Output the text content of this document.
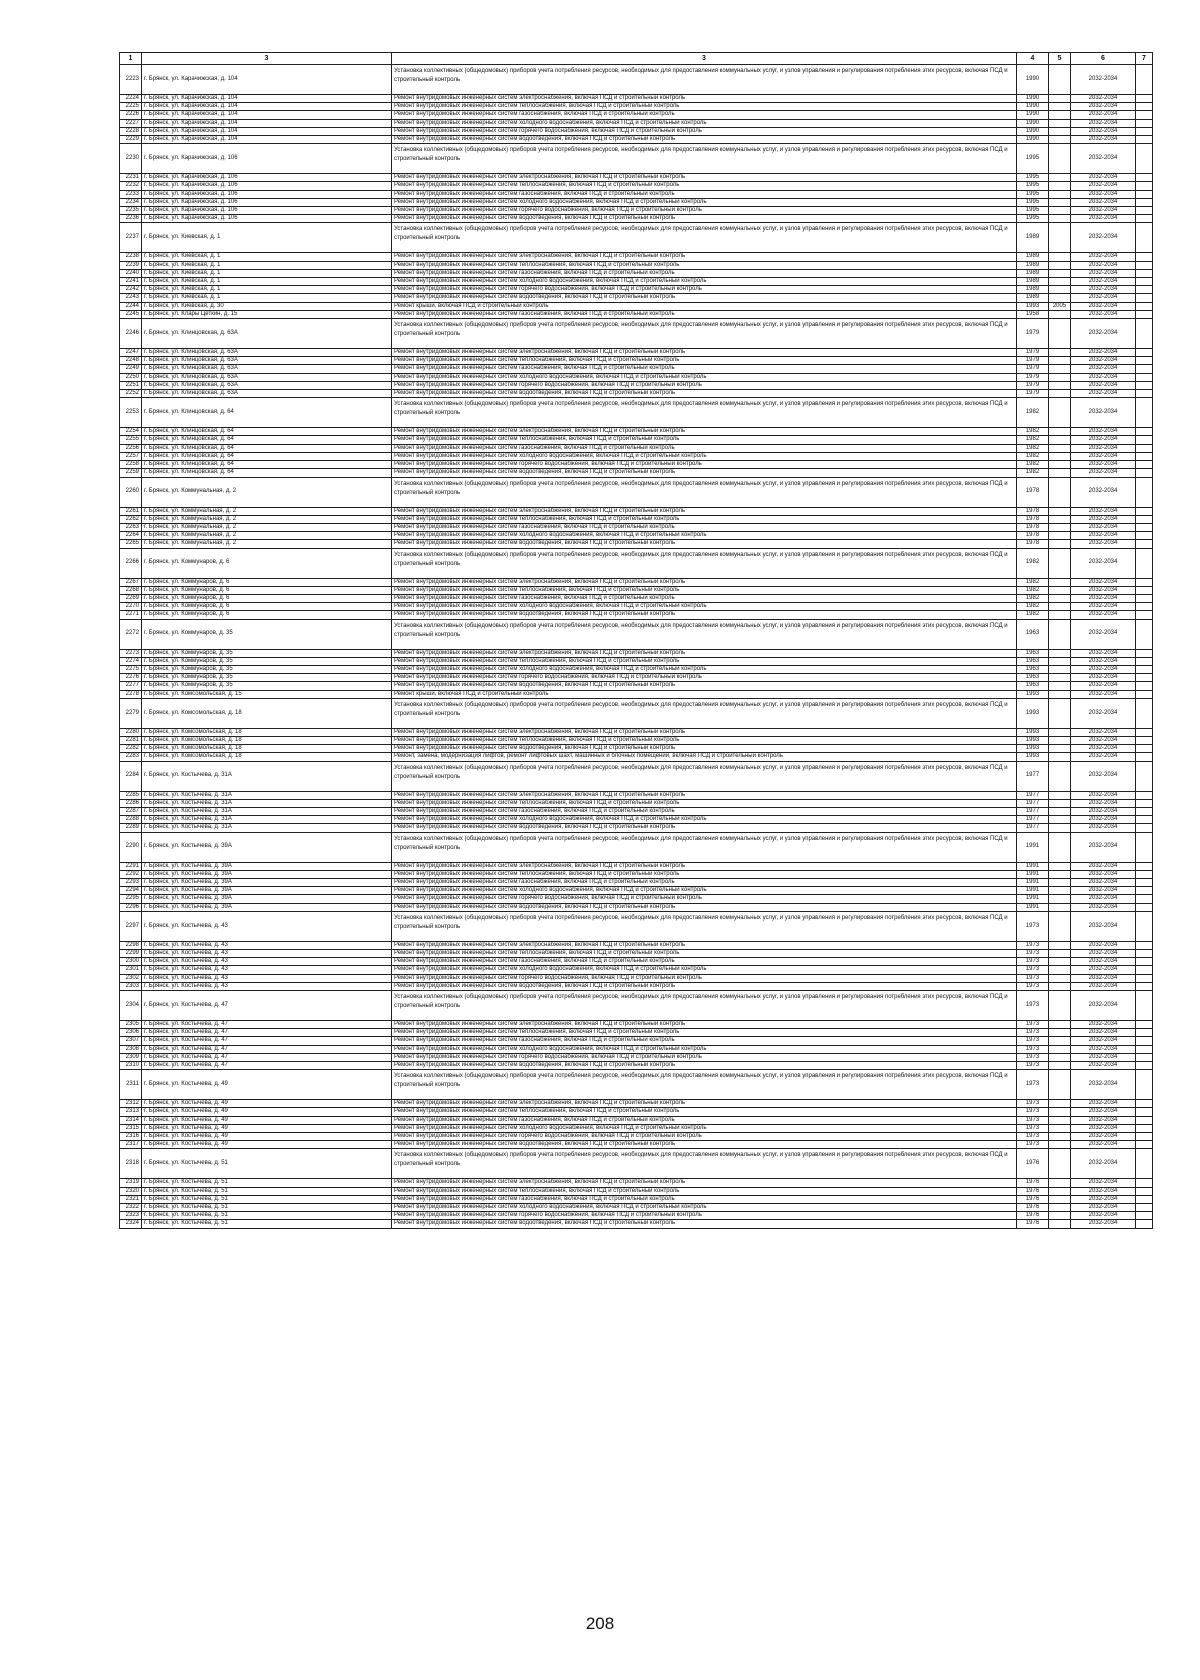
1	3	3	4	5	6	7
2223	г. Брянск, ул. Карачижская, д. 104	Установка коллективных (общедомовых) приборов учета потребления ресурсов, необходимых для предоставления коммунальных услуг, и узлов управления и регулирования потребления этих ресурсов, включая ПСД и строительный контроль	1990		2032-2034	
2224	г. Брянск, ул. Карачижская, д. 104	Ремонт внутридомовых инженерных систем электроснабжения, включая ПСД и строительный контроль	1990		2032-2034	
2225	г. Брянск, ул. Карачижская, д. 104	Ремонт внутридомовых инженерных систем теплоснабжения, включая ПСД и строительный контроль	1990		2032-2034	
2226	г. Брянск, ул. Карачижская, д. 104	Ремонт внутридомовых инженерных систем газоснабжения, включая ПСД и строительный контроль	1990		2032-2034	
2227	г. Брянск, ул. Карачижская, д. 104	Ремонт внутридомовых инженерных систем холодного водоснабжения, включая ПСД и строительный контроль	1990		2032-2034	
2228	г. Брянск, ул. Карачижская, д. 104	Ремонт внутридомовых инженерных систем горячего водоснабжения, включая ПСД и строительный контроль	1990		2032-2034	
2229	г. Брянск, ул. Карачижская, д. 104	Ремонт внутридомовых инженерных систем водоотведения, включая ПСД и строительный контроль	1990		2032-2034	
2230	г. Брянск, ул. Карачижская, д. 106	Установка коллективных (общедомовых) приборов учета потребления ресурсов, необходимых для предоставления коммунальных услуг, и узлов управления и регулирования потребления этих ресурсов, включая ПСД и строительный контроль	1995		2032-2034	
2231	г. Брянск, ул. Карачижская, д. 106	Ремонт внутридомовых инженерных систем электроснабжения, включая ПСД и строительный контроль	1995		2032-2034	
2232	г. Брянск, ул. Карачижская, д. 106	Ремонт внутридомовых инженерных систем теплоснабжения, включая ПСД и строительный контроль	1995		2032-2034	
2233	г. Брянск, ул. Карачижская, д. 106	Ремонт внутридомовых инженерных систем газоснабжения, включая ПСД и строительный контроль	1995		2032-2034	
2234	г. Брянск, ул. Карачижская, д. 106	Ремонт внутридомовых инженерных систем холодного водоснабжения, включая ПСД и строительный контроль	1995		2032-2034	
2235	г. Брянск, ул. Карачижская, д. 106	Ремонт внутридомовых инженерных систем горячего водоснабжения, включая ПСД и строительный контроль	1995		2032-2034	
2236	г. Брянск, ул. Карачижская, д. 106	Ремонт внутридомовых инженерных систем водоотведения, включая ПСД и строительный контроль	1995		2032-2034	
2237	г. Брянск, ул. Киевская, д. 1	Установка коллективных (общедомовых) приборов учета потребления ресурсов, необходимых для предоставления коммунальных услуг, и узлов управления и регулирования потребления этих ресурсов, включая ПСД и строительный контроль	1989		2032-2034	
2238	г. Брянск, ул. Киевская, д. 1	Ремонт внутридомовых инженерных систем электроснабжения, включая ПСД и строительный контроль	1989		2032-2034	
2239	г. Брянск, ул. Киевская, д. 1	Ремонт внутридомовых инженерных систем теплоснабжения, включая ПСД и строительный контроль	1989		2032-2034	
2240	г. Брянск, ул. Киевская, д. 1	Ремонт внутридомовых инженерных систем газоснабжения, включая ПСД и строительный контроль	1989		2032-2034	
2241	г. Брянск, ул. Киевская, д. 1	Ремонт внутридомовых инженерных систем холодного водоснабжения, включая ПСД и строительный контроль	1989		2032-2034	
2242	г. Брянск, ул. Киевская, д. 1	Ремонт внутридомовых инженерных систем горячего водоснабжения, включая ПСД и строительный контроль	1989		2032-2034	
2243	г. Брянск, ул. Киевская, д. 1	Ремонт внутридомовых инженерных систем водоотведения, включая ПСД и строительный контроль	1989		2032-2034	
2244	г. Брянск, ул. Киевская, д. 30	Ремонт крыши, включая ПСД и строительный контроль	1993	2005	2032-2034	
2245	г. Брянск, ул. Клары Цеткин, д. 15	Ремонт внутридомовых инженерных систем газоснабжения, включая ПСД и строительный контроль	1958		2032-2034	
2246	г. Брянск, ул. Клинцовская, д. 63А	Установка коллективных (общедомовых) приборов учета потребления ресурсов, необходимых для предоставления коммунальных услуг, и узлов управления и регулирования потребления этих ресурсов, включая ПСД и строительный контроль	1979		2032-2034	
2247	г. Брянск, ул. Клинцовская, д. 63А	Ремонт внутридомовых инженерных систем электроснабжения, включая ПСД и строительный контроль	1979		2032-2034	
2248	г. Брянск, ул. Клинцовская, д. 63А	Ремонт внутридомовых инженерных систем теплоснабжения, включая ПСД и строительный контроль	1979		2032-2034	
2249	г. Брянск, ул. Клинцовская, д. 63А	Ремонт внутридомовых инженерных систем газоснабжения, включая ПСД и строительный контроль	1979		2032-2034	
2250	г. Брянск, ул. Клинцовская, д. 63А	Ремонт внутридомовых инженерных систем холодного водоснабжения, включая ПСД и строительный контроль	1979		2032-2034	
2251	г. Брянск, ул. Клинцовская, д. 63А	Ремонт внутридомовых инженерных систем горячего водоснабжения, включая ПСД и строительный контроль	1979		2032-2034	
2252	г. Брянск, ул. Клинцовская, д. 63А	Ремонт внутридомовых инженерных систем водоотведения, включая ПСД и строительный контроль	1979		2032-2034	
2253	г. Брянск, ул. Клинцовская, д. 64	Установка коллективных (общедомовых) приборов учета потребления ресурсов, необходимых для предоставления коммунальных услуг, и узлов управления и регулирования потребления этих ресурсов, включая ПСД и строительный контроль	1982		2032-2034	
2254	г. Брянск, ул. Клинцовская, д. 64	Ремонт внутридомовых инженерных систем электроснабжения, включая ПСД и строительный контроль	1982		2032-2034	
2255	г. Брянск, ул. Клинцовская, д. 64	Ремонт внутридомовых инженерных систем теплоснабжения, включая ПСД и строительный контроль	1982		2032-2034	
2256	г. Брянск, ул. Клинцовская, д. 64	Ремонт внутридомовых инженерных систем газоснабжения, включая ПСД и строительный контроль	1982		2032-2034	
2257	г. Брянск, ул. Клинцовская, д. 64	Ремонт внутридомовых инженерных систем холодного водоснабжения, включая ПСД и строительный контроль	1982		2032-2034	
2258	г. Брянск, ул. Клинцовская, д. 64	Ремонт внутридомовых инженерных систем горячего водоснабжения, включая ПСД и строительный контроль	1982		2032-2034	
2259	г. Брянск, ул. Клинцовская, д. 64	Ремонт внутридомовых инженерных систем водоотведения, включая ПСД и строительный контроль	1982		2032-2034	
2260	г. Брянск, ул. Коммунальная, д. 2	Установка коллективных (общедомовых) приборов учета потребления ресурсов, необходимых для предоставления коммунальных услуг, и узлов управления и регулирования потребления этих ресурсов, включая ПСД и строительный контроль	1978		2032-2034	
2261	г. Брянск, ул. Коммунальная, д. 2	Ремонт внутридомовых инженерных систем электроснабжения, включая ПСД и строительный контроль	1978		2032-2034	
2262	г. Брянск, ул. Коммунальная, д. 2	Ремонт внутридомовых инженерных систем теплоснабжения, включая ПСД и строительный контроль	1978		2032-2034	
2263	г. Брянск, ул. Коммунальная, д. 2	Ремонт внутридомовых инженерных систем газоснабжения, включая ПСД и строительный контроль	1978		2032-2034	
2264	г. Брянск, ул. Коммунальная, д. 2	Ремонт внутридомовых инженерных систем холодного водоснабжения, включая ПСД и строительный контроль	1978		2032-2034	
2265	г. Брянск, ул. Коммунальная, д. 2	Ремонт внутридомовых инженерных систем водоотведения, включая ПСД и строительный контроль	1978		2032-2034	
2266	г. Брянск, ул. Коммунаров, д. 6	Установка коллективных (общедомовых) приборов учета потребления ресурсов, необходимых для предоставления коммунальных услуг, и узлов управления и регулирования потребления этих ресурсов, включая ПСД и строительный контроль	1982		2032-2034	
2267	г. Брянск, ул. Коммунаров, д. 6	Ремонт внутридомовых инженерных систем электроснабжения, включая ПСД и строительный контроль	1982		2032-2034	
2268	г. Брянск, ул. Коммунаров, д. 6	Ремонт внутридомовых инженерных систем теплоснабжения, включая ПСД и строительный контроль	1982		2032-2034	
2269	г. Брянск, ул. Коммунаров, д. 6	Ремонт внутридомовых инженерных систем газоснабжения, включая ПСД и строительный контроль	1982		2032-2034	
2270	г. Брянск, ул. Коммунаров, д. 6	Ремонт внутридомовых инженерных систем холодного водоснабжения, включая ПСД и строительный контроль	1982		2032-2034	
2271	г. Брянск, ул. Коммунаров, д. 6	Ремонт внутридомовых инженерных систем водоотведения, включая ПСД и строительный контроль	1982		2032-2034	
2272	г. Брянск, ул. Коммунаров, д. 35	Установка коллективных (общедомовых) приборов учета потребления ресурсов, необходимых для предоставления коммунальных услуг, и узлов управления и регулирования потребления этих ресурсов, включая ПСД и строительный контроль	1963		2032-2034	
2273	г. Брянск, ул. Коммунаров, д. 35	Ремонт внутридомовых инженерных систем электроснабжения, включая ПСД и строительный контроль	1963		2032-2034	
2274	г. Брянск, ул. Коммунаров, д. 35	Ремонт внутридомовых инженерных систем теплоснабжения, включая ПСД и строительный контроль	1963		2032-2034	
2275	г. Брянск, ул. Коммунаров, д. 35	Ремонт внутридомовых инженерных систем холодного водоснабжения, включая ПСД и строительный контроль	1963		2032-2034	
2276	г. Брянск, ул. Коммунаров, д. 35	Ремонт внутридомовых инженерных систем горячего водоснабжения, включая ПСД и строительный контроль	1963		2032-2034	
2277	г. Брянск, ул. Коммунаров, д. 35	Ремонт внутридомовых инженерных систем водоотведения, включая ПСД и строительный контроль	1963		2032-2034	
2278	г. Брянск, ул. Комсомольская, д. 15	Ремонт крыши, включая ПСД и строительный контроль	1993		2032-2034	
2279	г. Брянск, ул. Комсомольская, д. 18	Установка коллективных (общедомовых) приборов учета потребления ресурсов, необходимых для предоставления коммунальных услуг, и узлов управления и регулирования потребления этих ресурсов, включая ПСД и строительный контроль	1993		2032-2034	
2280	г. Брянск, ул. Комсомольская, д. 18	Ремонт внутридомовых инженерных систем электроснабжения, включая ПСД и строительный контроль	1993		2032-2034	
2281	г. Брянск, ул. Комсомольская, д. 18	Ремонт внутридомовых инженерных систем теплоснабжения, включая ПСД и строительный контроль	1993		2032-2034	
2282	г. Брянск, ул. Комсомольская, д. 18	Ремонт внутридомовых инженерных систем водоотведения, включая ПСД и строительный контроль	1993		2032-2034	
2283	г. Брянск, ул. Комсомольская, д. 18	Ремонт, замена, модернизация лифтов, ремонт лифтовых шахт, машинных и блочных помещений, включая ПСД и строительный контроль	1993		2032-2034	
2284	г. Брянск, ул. Костычева, д. 31А	Установка коллективных (общедомовых) приборов учета потребления ресурсов, необходимых для предоставления коммунальных услуг, и узлов управления и регулирования потребления этих ресурсов, включая ПСД и строительный контроль	1977		2032-2034	
2285	г. Брянск, ул. Костычева, д. 31А	Ремонт внутридомовых инженерных систем электроснабжения, включая ПСД и строительный контроль	1977		2032-2034	
2286	г. Брянск, ул. Костычева, д. 31А	Ремонт внутридомовых инженерных систем теплоснабжения, включая ПСД и строительный контроль	1977		2032-2034	
2287	г. Брянск, ул. Костычева, д. 31А	Ремонт внутридомовых инженерных систем газоснабжения, включая ПСД и строительный контроль	1977		2032-2034	
2288	г. Брянск, ул. Костычева, д. 31А	Ремонт внутридомовых инженерных систем холодного водоснабжения, включая ПСД и строительный контроль	1977		2032-2034	
2289	г. Брянск, ул. Костычева, д. 31А	Ремонт внутридомовых инженерных систем водоотведения, включая ПСД и строительный контроль	1977		2032-2034	
2290	г. Брянск, ул. Костычева, д. 39А	Установка коллективных (общедомовых) приборов учета потребления ресурсов, необходимых для предоставления коммунальных услуг, и узлов управления и регулирования потребления этих ресурсов, включая ПСД и строительный контроль	1991		2032-2034	
2291	г. Брянск, ул. Костычева, д. 39А	Ремонт внутридомовых инженерных систем электроснабжения, включая ПСД и строительный контроль	1991		2032-2034	
2292	г. Брянск, ул. Костычева, д. 39А	Ремонт внутридомовых инженерных систем теплоснабжения, включая ПСД и строительный контроль	1991		2032-2034	
2293	г. Брянск, ул. Костычева, д. 39А	Ремонт внутридомовых инженерных систем газоснабжения, включая ПСД и строительный контроль	1991		2032-2034	
2294	г. Брянск, ул. Костычева, д. 39А	Ремонт внутридомовых инженерных систем холодного водоснабжения, включая ПСД и строительный контроль	1991		2032-2034	
2295	г. Брянск, ул. Костычева, д. 39А	Ремонт внутридомовых инженерных систем горячего водоснабжения, включая ПСД и строительный контроль	1991		2032-2034	
2296	г. Брянск, ул. Костычева, д. 39А	Ремонт внутридомовых инженерных систем водоотведения, включая ПСД и строительный контроль	1991		2032-2034	
2297	г. Брянск, ул. Костычева, д. 43	Установка коллективных (общедомовых) приборов учета потребления ресурсов, необходимых для предоставления коммунальных услуг, и узлов управления и регулирования потребления этих ресурсов, включая ПСД и строительный контроль	1973		2032-2034	
2298	г. Брянск, ул. Костычева, д. 43	Ремонт внутридомовых инженерных систем электроснабжения, включая ПСД и строительный контроль	1973		2032-2034	
2299	г. Брянск, ул. Костычева, д. 43	Ремонт внутридомовых инженерных систем теплоснабжения, включая ПСД и строительный контроль	1973		2032-2034	
2300	г. Брянск, ул. Костычева, д. 43	Ремонт внутридомовых инженерных систем газоснабжения, включая ПСД и строительный контроль	1973		2032-2034	
2301	г. Брянск, ул. Костычева, д. 43	Ремонт внутридомовых инженерных систем холодного водоснабжения, включая ПСД и строительный контроль	1973		2032-2034	
2302	г. Брянск, ул. Костычева, д. 43	Ремонт внутридомовых инженерных систем горячего водоснабжения, включая ПСД и строительный контроль	1973		2032-2034	
2303	г. Брянск, ул. Костычева, д. 43	Ремонт внутридомовых инженерных систем водоотведения, включая ПСД и строительный контроль	1973		2032-2034	
2304	г. Брянск, ул. Костычева, д. 47	Установка коллективных (общедомовых) приборов учета потребления ресурсов, необходимых для предоставления коммунальных услуг, и узлов управления и регулирования потребления этих ресурсов, включая ПСД и строительный контроль	1973		2032-2034	
2305	г. Брянск, ул. Костычева, д. 47	Ремонт внутридомовых инженерных систем электроснабжения, включая ПСД и строительный контроль	1973		2032-2034	
2306	г. Брянск, ул. Костычева, д. 47	Ремонт внутридомовых инженерных систем теплоснабжения, включая ПСД и строительный контроль	1973		2032-2034	
2307	г. Брянск, ул. Костычева, д. 47	Ремонт внутридомовых инженерных систем газоснабжения, включая ПСД и строительный контроль	1973		2032-2034	
2308	г. Брянск, ул. Костычева, д. 47	Ремонт внутридомовых инженерных систем холодного водоснабжения, включая ПСД и строительный контроль	1973		2032-2034	
2309	г. Брянск, ул. Костычева, д. 47	Ремонт внутридомовых инженерных систем горячего водоснабжения, включая ПСД и строительный контроль	1973		2032-2034	
2310	г. Брянск, ул. Костычева, д. 47	Ремонт внутридомовых инженерных систем водоотведения, включая ПСД и строительный контроль	1973		2032-2034	
2311	г. Брянск, ул. Костычева, д. 49	Установка коллективных (общедомовых) приборов учета потребления ресурсов, необходимых для предоставления коммунальных услуг, и узлов управления и регулирования потребления этих ресурсов, включая ПСД и строительный контроль	1973		2032-2034	
2312	г. Брянск, ул. Костычева, д. 49	Ремонт внутридомовых инженерных систем электроснабжения, включая ПСД и строительный контроль	1973		2032-2034	
2313	г. Брянск, ул. Костычева, д. 49	Ремонт внутридомовых инженерных систем теплоснабжения, включая ПСД и строительный контроль	1973		2032-2034	
2314	г. Брянск, ул. Костычева, д. 49	Ремонт внутридомовых инженерных систем газоснабжения, включая ПСД и строительный контроль	1973		2032-2034	
2315	г. Брянск, ул. Костычева, д. 49	Ремонт внутридомовых инженерных систем холодного водоснабжения, включая ПСД и строительный контроль	1973		2032-2034	
2316	г. Брянск, ул. Костычева, д. 49	Ремонт внутридомовых инженерных систем горячего водоснабжения, включая ПСД и строительный контроль	1973		2032-2034	
2317	г. Брянск, ул. Костычева, д. 49	Ремонт внутридомовых инженерных систем водоотведения, включая ПСД и строительный контроль	1973		2032-2034	
2318	г. Брянск, ул. Костычева, д. 51	Установка коллективных (общедомовых) приборов учета потребления ресурсов, необходимых для предоставления коммунальных услуг, и узлов управления и регулирования потребления этих ресурсов, включая ПСД и строительный контроль	1976		2032-2034	
2319	г. Брянск, ул. Костычева, д. 51	Ремонт внутридомовых инженерных систем электроснабжения, включая ПСД и строительный контроль	1976		2032-2034	
2320	г. Брянск, ул. Костычева, д. 51	Ремонт внутридомовых инженерных систем теплоснабжения, включая ПСД и строительный контроль	1976		2032-2034	
2321	г. Брянск, ул. Костычева, д. 51	Ремонт внутридомовых инженерных систем газоснабжения, включая ПСД и строительный контроль	1976		2032-2034	
2322	г. Брянск, ул. Костычева, д. 51	Ремонт внутридомовых инженерных систем холодного водоснабжения, включая ПСД и строительный контроль	1976		2032-2034	
2323	г. Брянск, ул. Костычева, д. 51	Ремонт внутридомовых инженерных систем горячего водоснабжения, включая ПСД и строительный контроль	1976		2032-2034	
2324	г. Брянск, ул. Костычева, д. 51	Ремонт внутридомовых инженерных систем водоотведения, включая ПСД и строительный контроль	1976		2032-2034	
208
